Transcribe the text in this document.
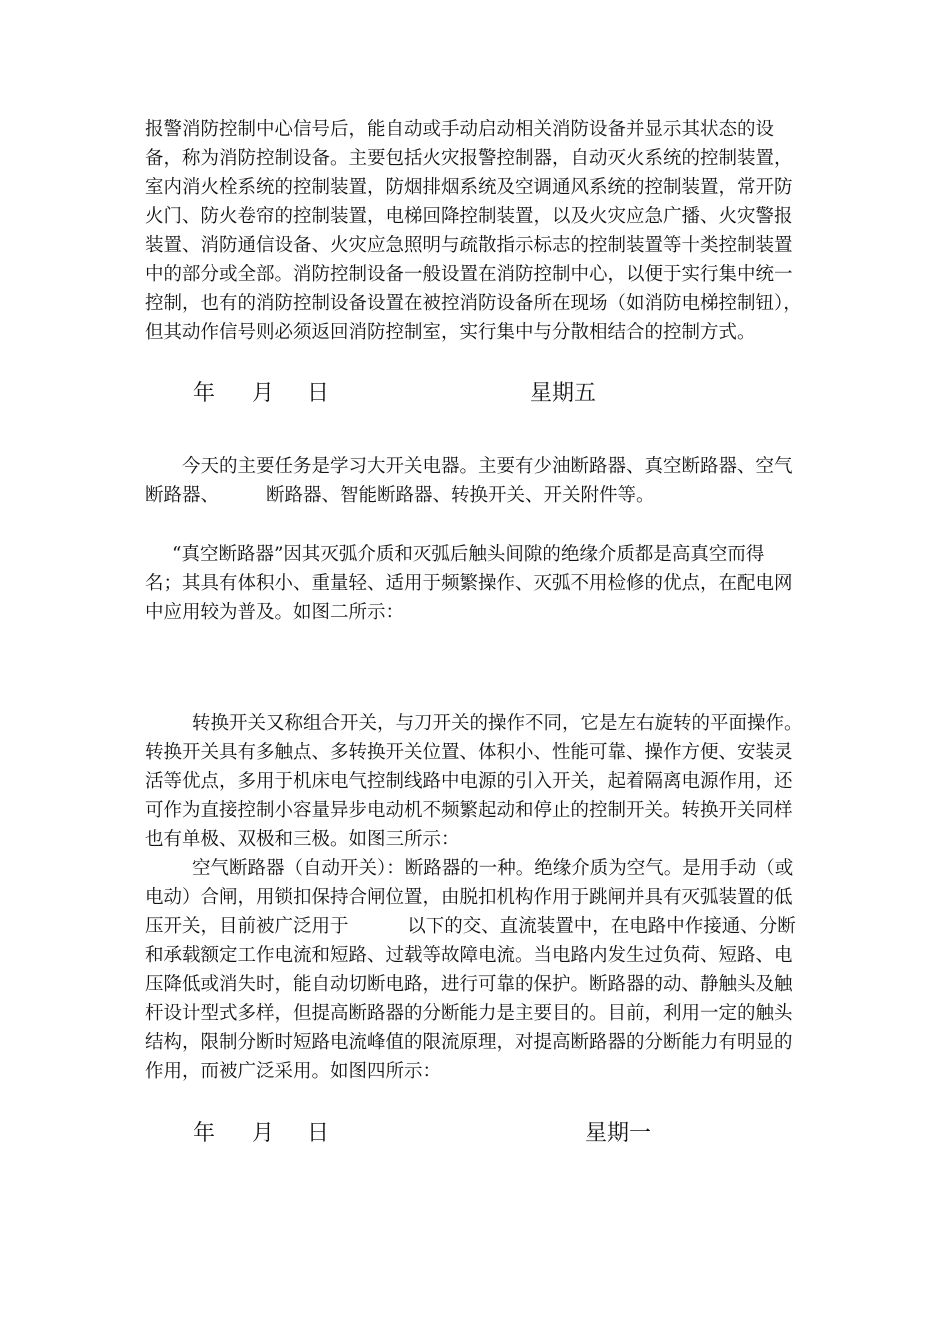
报警消防控制中心信号后，能自动或手动启动相关消防设备并显示其状态的设
备，称为消防控制设备。主要包括火灾报警控制器，自动灭火系统的控制装置，
室内消火栓系统的控制装置，防烟排烟系统及空调通风系统的控制装置，常开防
火门、防火卷帘的控制装置，电梯回降控制装置，以及火灾应急广播、火灾警报
装置、消防通信设备、火灾应急照明与疏散指示标志的控制装置等十类控制装置
中的部分或全部。消防控制设备一般设置在消防控制中心，以便于实行集中统一
控制，也有的消防控制设备设置在被控消防设备所在现场（如消防电梯控制钮），
但其动作信号则必须返回消防控制室，实行集中与分散相结合的控制方式。
年 月 日	星期五
今天的主要任务是学习大开关电器。主要有少油断路器、真空断路器、空气
断路器、        断路器、智能断路器、转换开关、开关附件等。
“真空断路器”因其灭弧介质和灭弧后触头间隙的绝缘介质都是高真空而得
名；其具有体积小、重量轻、适用于频繁操作、灭弧不用检修的优点，在配电网
中应用较为普及。如图二所示：
转换开关又称组合开关，与刀开关的操作不同，它是左右旋转的平面操作。
转换开关具有多触点、多转换开关位置、体积小、性能可靠、操作方便、安装灵
活等优点，多用于机床电气控制线路中电源的引入开关，起着隔离电源作用，还
可作为直接控制小容量异步电动机不频繁起动和停止的控制开关。转换开关同样
也有单极、双极和三极。如图三所示：
空气断路器（自动开关）：断路器的一种。绝缘介质为空气。是用手动（或
电动）合闸，用锁扣保持合闸位置，由脱扣机构作用于跳闸并具有灭弧装置的低
压开关，目前被广泛用于          以下的交、直流装置中，在电路中作接通、分断
和承载额定工作电流和短路、过载等故障电流。当电路内发生过负荷、短路、电
压降低或消失时，能自动切断电路，进行可靠的保护。断路器的动、静触头及触
杆设计型式多样，但提高断路器的分断能力是主要目的。目前，利用一定的触头
结构，限制分断时短路电流峰值的限流原理，对提高断路器的分断能力有明显的
作用，而被广泛采用。如图四所示：
年 月 日	星期一
